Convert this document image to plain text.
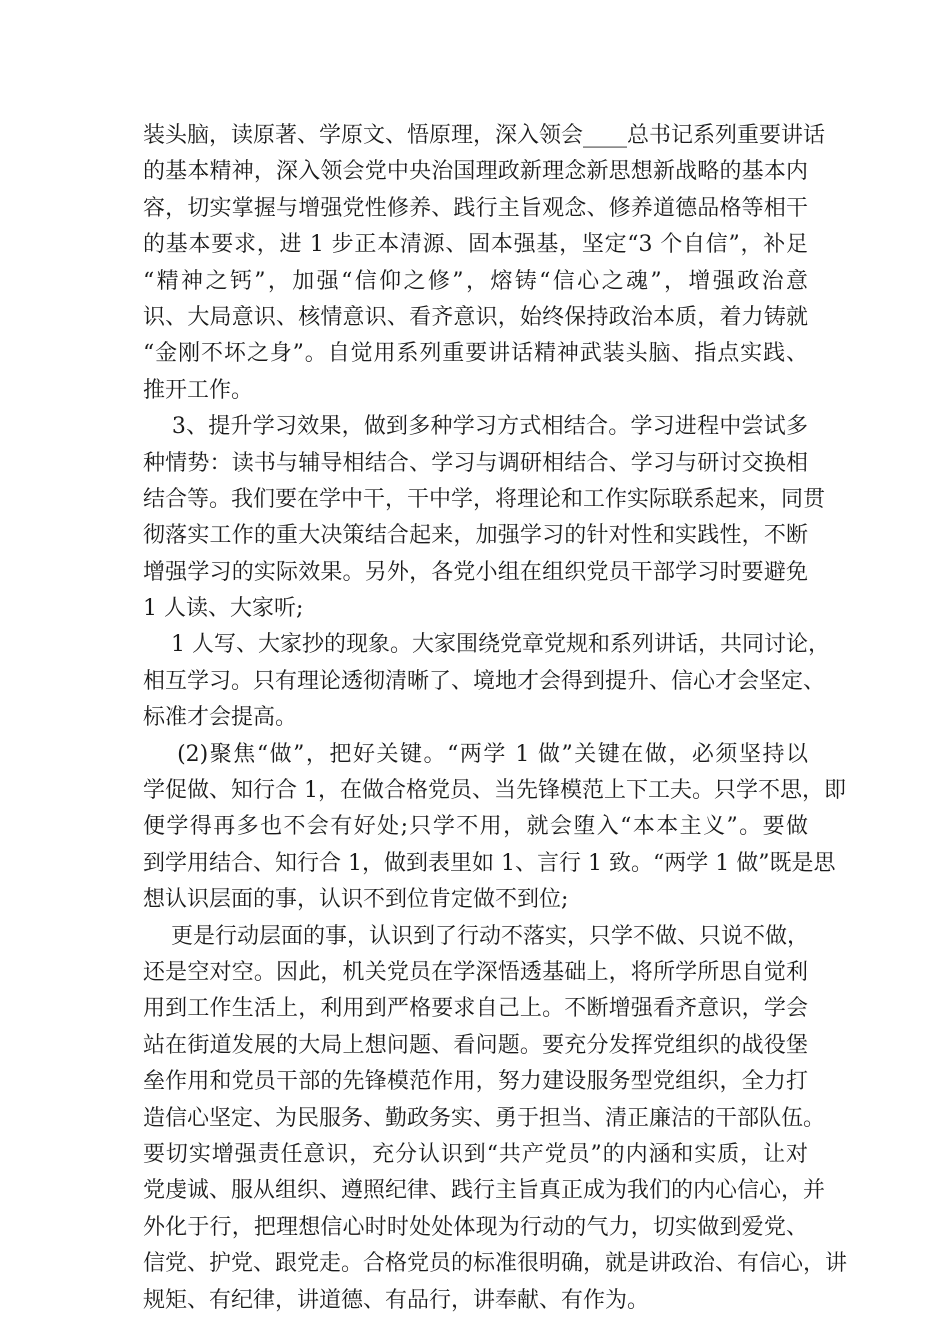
装头脑，读原著、学原文、悟原理，深入领会____总书记系列重要讲话
的基本精神，深入领会党中央治国理政新理念新思想新战略的基本内
容，切实掌握与增强党性修养、践行主旨观念、修养道德品格等相干
的基本要求，进 1 步正本清源、固本强基，坚定“3 个自信”，补足
“精神之钙”，加强“信仰之修”，熔铸“信心之魂”，增强政治意
识、大局意识、核情意识、看齐意识，始终保持政治本质，着力铸就
“金刚不坏之身”。自觉用系列重要讲话精神武装头脑、指点实践、
推开工作。
3、提升学习效果，做到多种学习方式相结合。学习进程中尝试多
种情势：读书与辅导相结合、学习与调研相结合、学习与研讨交换相
结合等。我们要在学中干，干中学，将理论和工作实际联系起来，同贯
彻落实工作的重大决策结合起来，加强学习的针对性和实践性，不断
增强学习的实际效果。另外，各党小组在组织党员干部学习时要避免
1 人读、大家听;
1 人写、大家抄的现象。大家围绕党章党规和系列讲话，共同讨论，
相互学习。只有理论透彻清晰了、境地才会得到提升、信心才会坚定、
标准才会提高。
(2)聚焦“做”，把好关键。“两学 1 做”关键在做，必须坚持以
学促做、知行合 1，在做合格党员、当先锋模范上下工夫。只学不思，即
便学得再多也不会有好处;只学不用，就会堕入“本本主义”。要做
到学用结合、知行合 1，做到表里如 1、言行 1 致。“两学 1 做”既是思
想认识层面的事，认识不到位肯定做不到位;
更是行动层面的事，认识到了行动不落实，只学不做、只说不做，
还是空对空。因此，机关党员在学深悟透基础上，将所学所思自觉利
用到工作生活上，利用到严格要求自己上。不断增强看齐意识，学会
站在街道发展的大局上想问题、看问题。要充分发挥党组织的战役堡
垒作用和党员干部的先锋模范作用，努力建设服务型党组织，全力打
造信心坚定、为民服务、勤政务实、勇于担当、清正廉洁的干部队伍。
要切实增强责任意识，充分认识到“共产党员”的内涵和实质，让对
党虔诚、服从组织、遵照纪律、践行主旨真正成为我们的内心信心，并
外化于行，把理想信心时时处处体现为行动的气力，切实做到爱党、
信党、护党、跟党走。合格党员的标准很明确，就是讲政治、有信心，讲
规矩、有纪律，讲道德、有品行，讲奉献、有作为。
